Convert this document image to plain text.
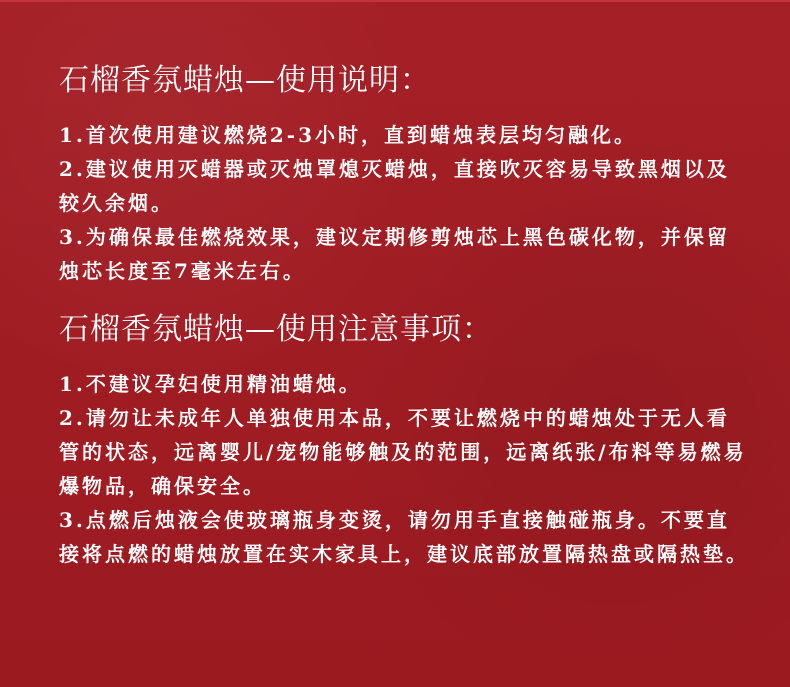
石榴香氛蜡烛—使用说明：
1.首次使用建议燃烧2-3小时，直到蜡烛表层均匀融化。
2.建议使用灭蜡器或灭烛罩熄灭蜡烛，直接吹灭容易导致黑烟以及较久余烟。
3.为确保最佳燃烧效果，建议定期修剪烛芯上黑色碳化物，并保留烛芯长度至7毫米左右。
石榴香氛蜡烛—使用注意事项：
1.不建议孕妇使用精油蜡烛。
2.请勿让未成年人单独使用本品，不要让燃烧中的蜡烛处于无人看管的状态，远离婴儿/宠物能够触及的范围，远离纸张/布料等易燃易爆物品，确保安全。
3.点燃后烛液会使玻璃瓶身变烫，请勿用手直接触碰瓶身。不要直接将点燃的蜡烛放置在实木家具上，建议底部放置隔热盘或隔热垫。
